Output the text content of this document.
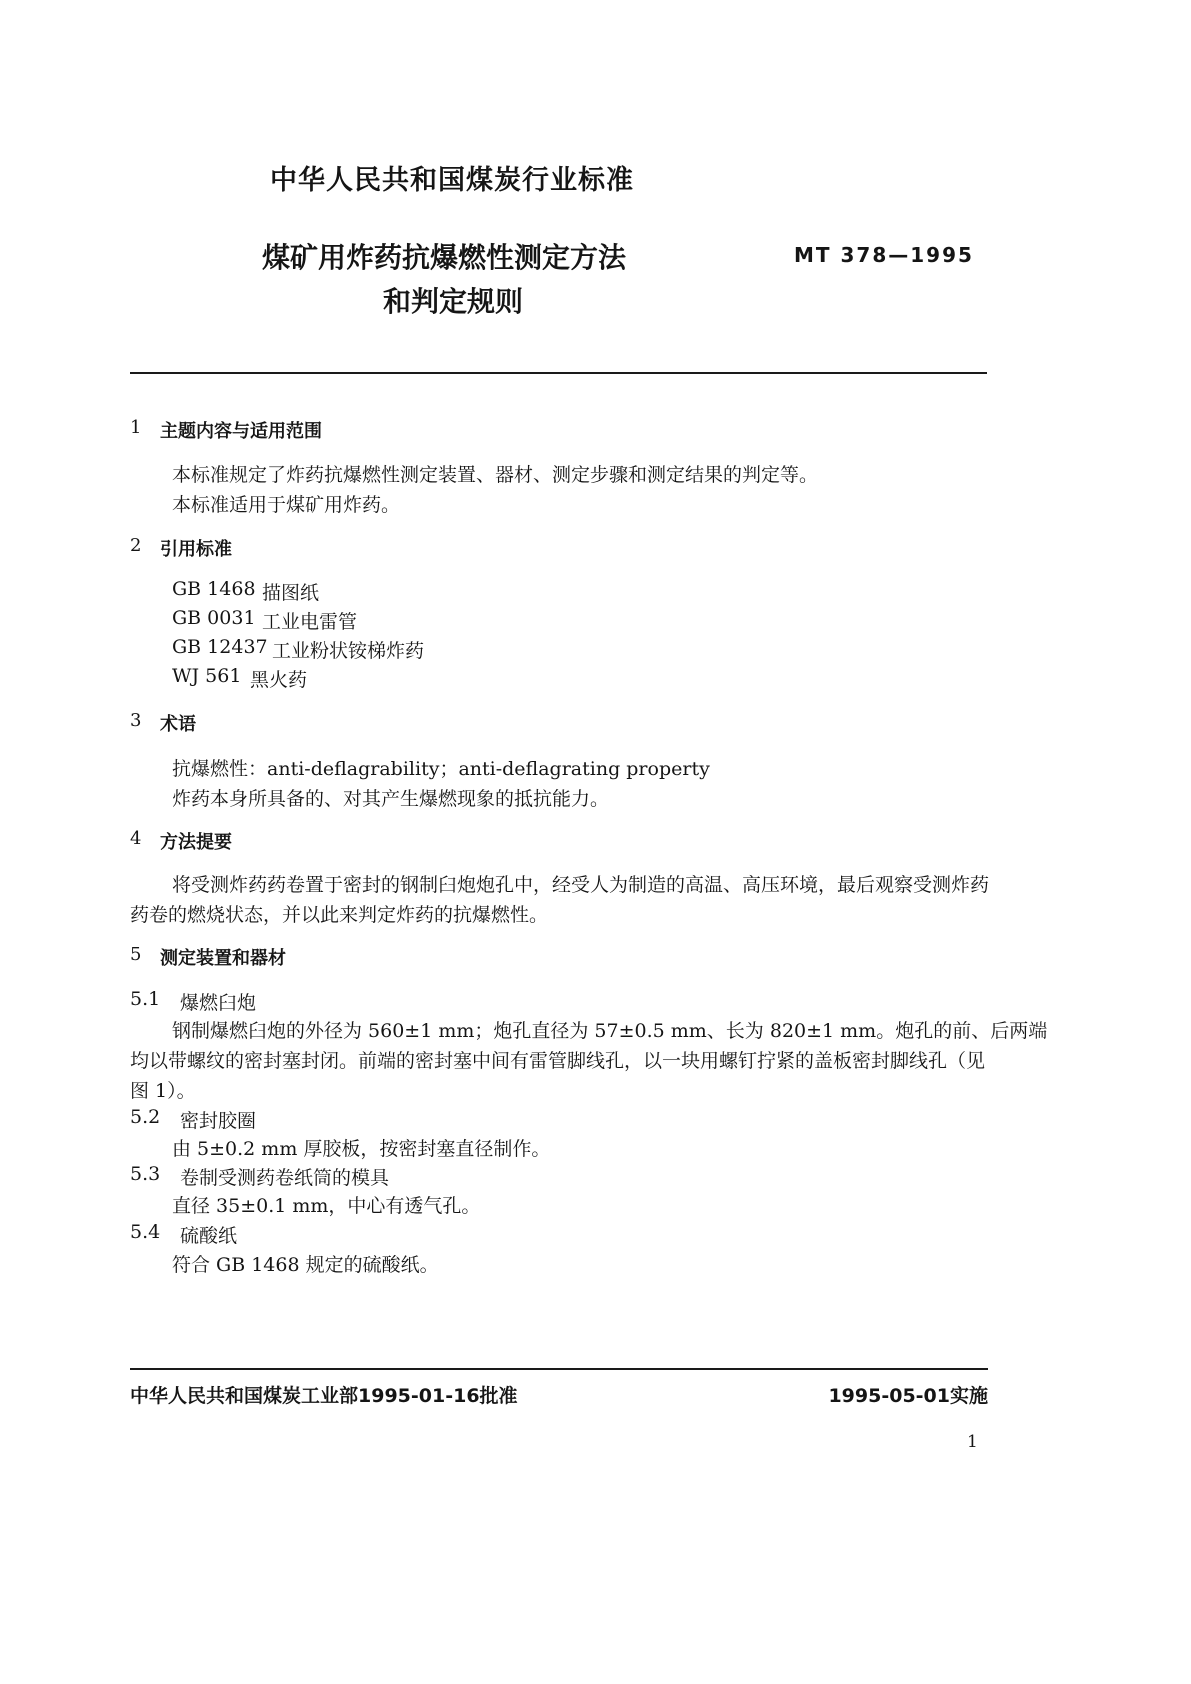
中华人民共和国煤炭行业标准
煤矿用炸药抗爆燃性测定方法
和判定规则
MT 378—1995
1 主题内容与适用范围
本标准规定了炸药抗爆燃性测定装置、器材、测定步骤和测定结果的判定等。
本标准适用于煤矿用炸药。
2 引用标准
GB 1468 描图纸
GB 0031 工业电雷管
GB 12437 工业粉状铵梯炸药
WJ 561 黑火药
3 术语
抗爆燃性：anti-deflagrability；anti-deflagrating property
炸药本身所具备的、对其产生爆燃现象的抵抗能力。
4 方法提要
将受测炸药药卷置于密封的钢制臼炮炮孔中，经受人为制造的高温、高压环境，最后观察受测炸药
药卷的燃烧状态，并以此来判定炸药的抗爆燃性。
5 测定装置和器材
5.1 爆燃臼炮
钢制爆燃臼炮的外径为 560±1 mm；炮孔直径为 57±0.5 mm、长为 820±1 mm。炮孔的前、后两端
均以带螺纹的密封塞封闭。前端的密封塞中间有雷管脚线孔，以一块用螺钉拧紧的盖板密封脚线孔（见
图 1）。
5.2 密封胶圈
由 5±0.2 mm 厚胶板，按密封塞直径制作。
5.3 卷制受测药卷纸筒的模具
直径 35±0.1 mm，中心有透气孔。
5.4 硫酸纸
符合 GB 1468 规定的硫酸纸。
中华人民共和国煤炭工业部1995-01-16批准	1995-05-01实施
1
